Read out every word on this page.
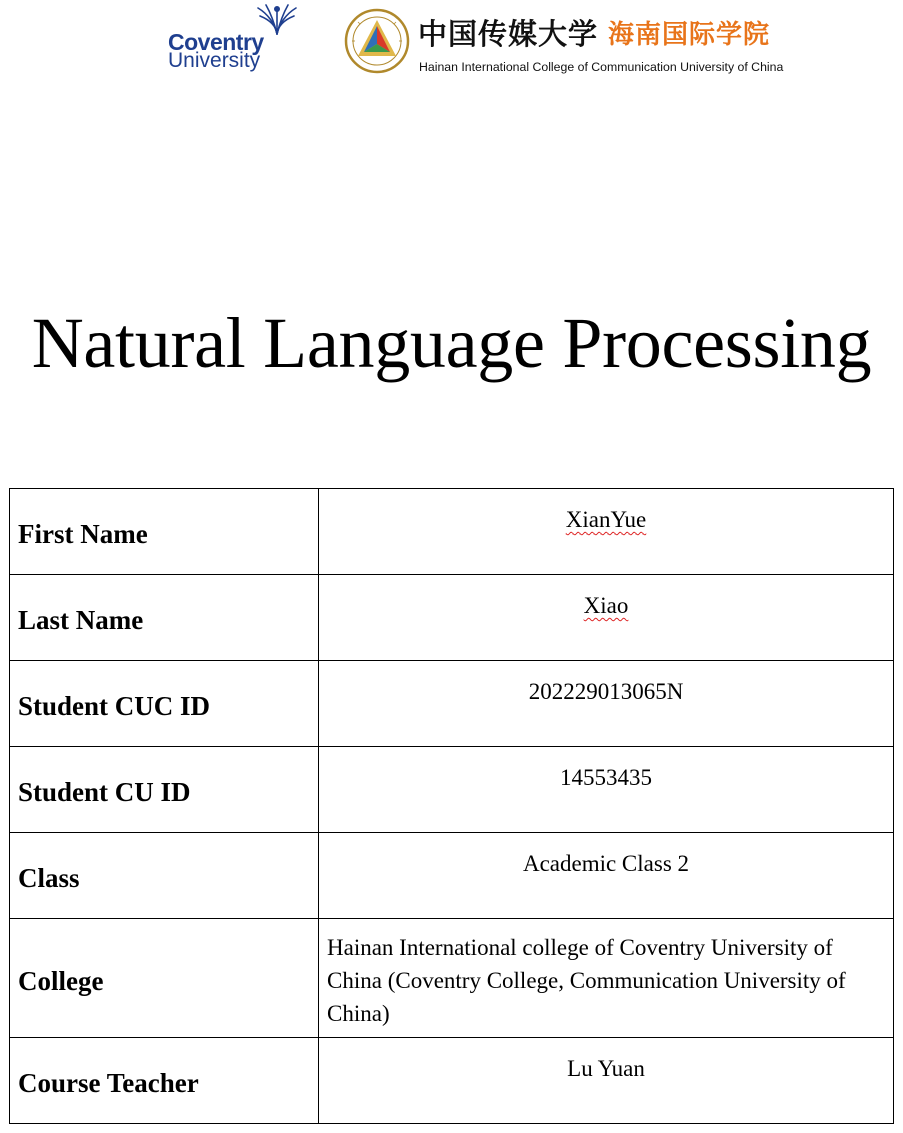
Coventry
University
中国传媒大学 海南国际学院
Hainan International College of Communication University of China
Natural Language Processing
First Name	XianYue
Last Name	Xiao
Student CUC ID	202229013065N
Student CU ID	14553435
Class	Academic Class 2
College	Hainan International college of Coventry University of China (Coventry College, Communication University of China)
Course Teacher	Lu Yuan
